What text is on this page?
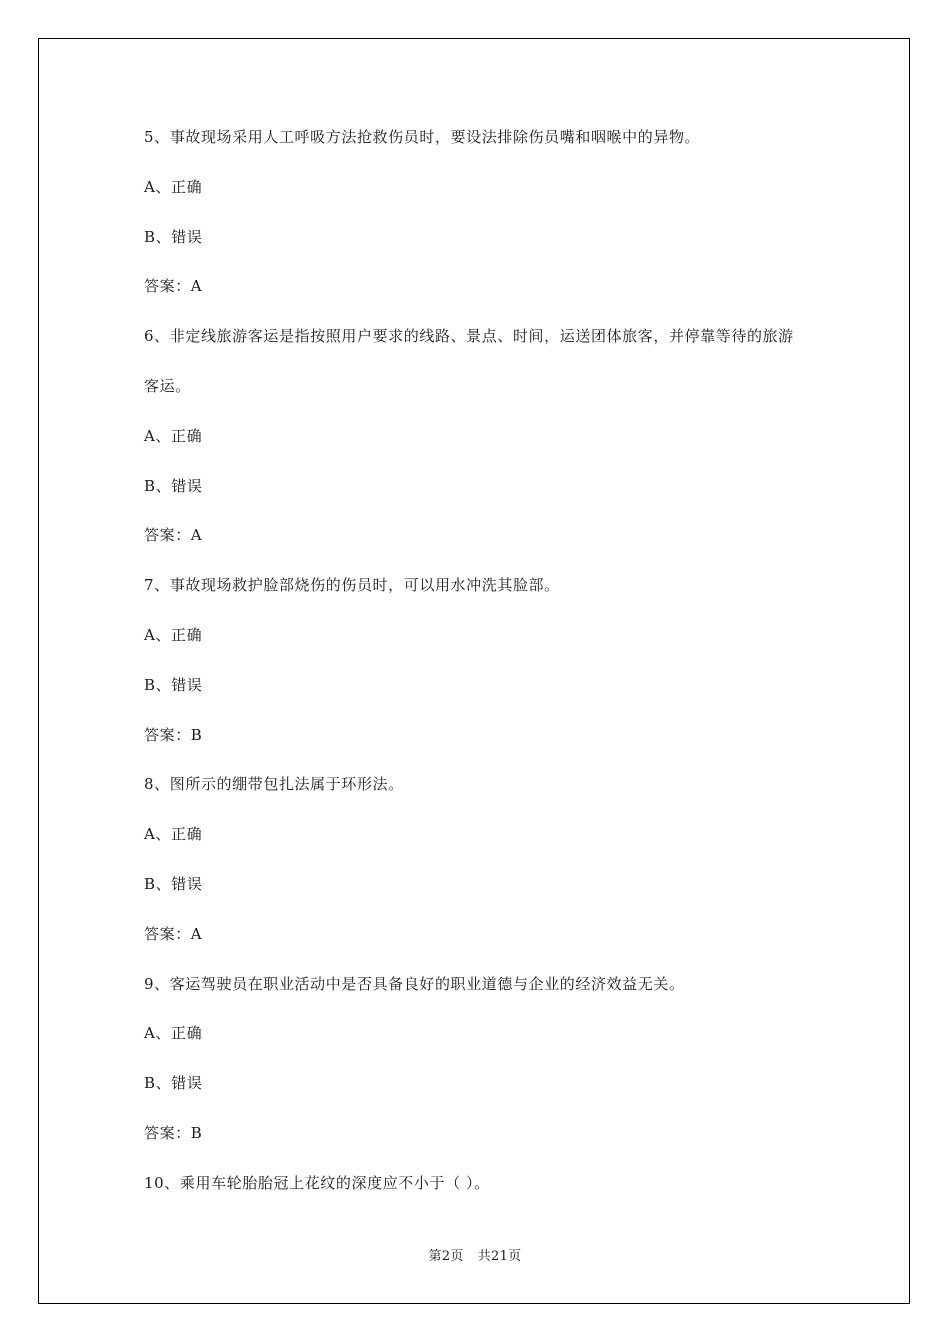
5、事故现场采用人工呼吸方法抢救伤员时，要设法排除伤员嘴和咽喉中的异物。
A、正确
B、错误
答案：A
6、非定线旅游客运是指按照用户要求的线路、景点、时间，运送团体旅客，并停靠等待的旅游
客运。
A、正确
B、错误
答案：A
7、事故现场救护脸部烧伤的伤员时，可以用水冲洗其脸部。
A、正确
B、错误
答案：B
8、图所示的绷带包扎法属于环形法。
A、正确
B、错误
答案：A
9、客运驾驶员在职业活动中是否具备良好的职业道德与企业的经济效益无关。
A、正确
B、错误
答案：B
10、乘用车轮胎胎冠上花纹的深度应不小于（ ）。
第2页 共21页
